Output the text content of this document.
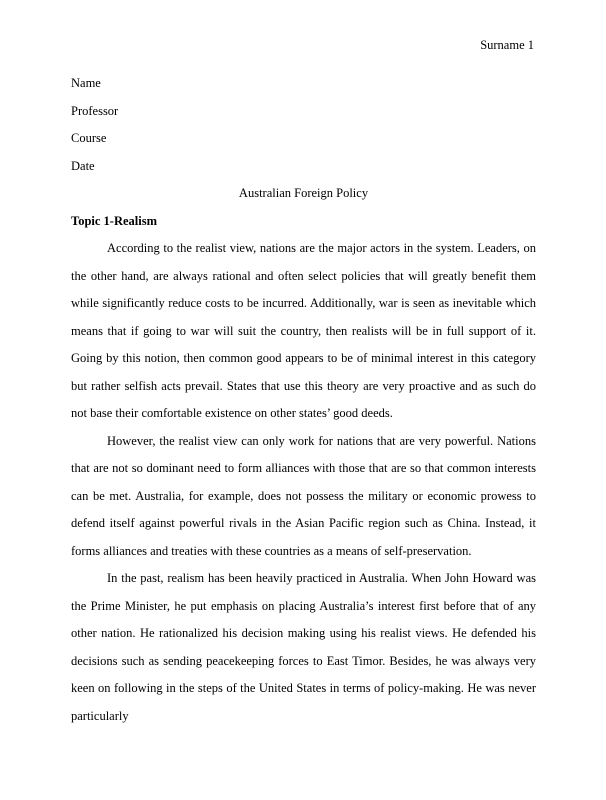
Surname 1
Name
Professor
Course
Date
Australian Foreign Policy
Topic 1-Realism

According to the realist view, nations are the major actors in the system. Leaders, on the other hand, are always rational and often select policies that will greatly benefit them while significantly reduce costs to be incurred. Additionally, war is seen as inevitable which means that if going to war will suit the country, then realists will be in full support of it. Going by this notion, then common good appears to be of minimal interest in this category but rather selfish acts prevail. States that use this theory are very proactive and as such do not base their comfortable existence on other states’ good deeds.

However, the realist view can only work for nations that are very powerful. Nations that are not so dominant need to form alliances with those that are so that common interests can be met. Australia, for example, does not possess the military or economic prowess to defend itself against powerful rivals in the Asian Pacific region such as China. Instead, it forms alliances and treaties with these countries as a means of self-preservation.

In the past, realism has been heavily practiced in Australia. When John Howard was the Prime Minister, he put emphasis on placing Australia’s interest first before that of any other nation. He rationalized his decision making using his realist views. He defended his decisions such as sending peacekeeping forces to East Timor. Besides, he was always very keen on following in the steps of the United States in terms of policy-making. He was never particularly
